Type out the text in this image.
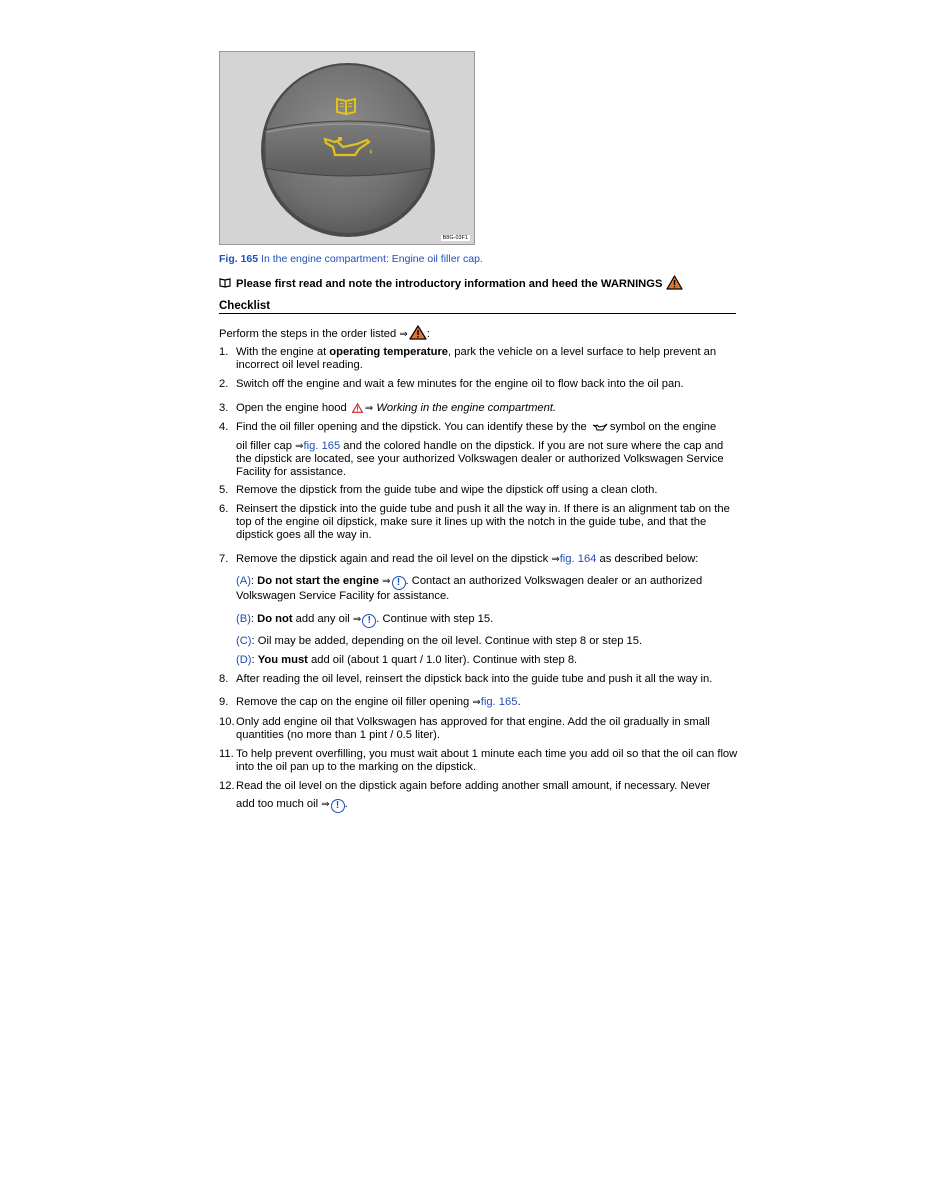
B8G-03F1
Fig. 165 In the engine compartment: Engine oil filler cap.
Please first read and note the introductory information and heed the WARNINGS
Checklist
Perform the steps in the order listed
⇒ :
1. With the engine at operating temperature, park the vehicle on a level surface to help prevent an incorrect oil level reading.
2. Switch off the engine and wait a few minutes for the engine oil to flow back into the oil pan.
3. Open the engine hood ⇒ Working in the engine compartment.
4. Find the oil filler opening and the dipstick. You can identify these by the symbol on the engine
oil filler cap ⇒fig. 165 and the colored handle on the dipstick. If you are not sure where the cap and the dipstick are located, see your authorized Volkswagen dealer or authorized Volkswagen Service Facility for assistance.
5. Remove the dipstick from the guide tube and wipe the dipstick off using a clean cloth.
6. Reinsert the dipstick into the guide tube and push it all the way in. If there is an alignment tab on the top of the engine oil dipstick, make sure it lines up with the notch in the guide tube, and that the dipstick goes all the way in.
7. Remove the dipstick again and read the oil level on the dipstick ⇒fig. 164 as described below:
(A): Do not start the engine ⇒ ! . Contact an authorized Volkswagen dealer or an authorized Volkswagen Service Facility for assistance.
(B): Do not add any oil ⇒ ! . Continue with step 15.
(C): Oil may be added, depending on the oil level. Continue with step 8 or step 15.
(D): You must add oil (about 1 quart / 1.0 liter). Continue with step 8.
8. After reading the oil level, reinsert the dipstick back into the guide tube and push it all the way in.
9. Remove the cap on the engine oil filler opening ⇒fig. 165.
10. Only add engine oil that Volkswagen has approved for that engine. Add the oil gradually in small quantities (no more than 1 pint / 0.5 liter).
11. To help prevent overfilling, you must wait about 1 minute each time you add oil so that the oil can flow into the oil pan up to the marking on the dipstick.
12. Read the oil level on the dipstick again before adding another small amount, if necessary. Never
add too much oil ⇒ ! .
